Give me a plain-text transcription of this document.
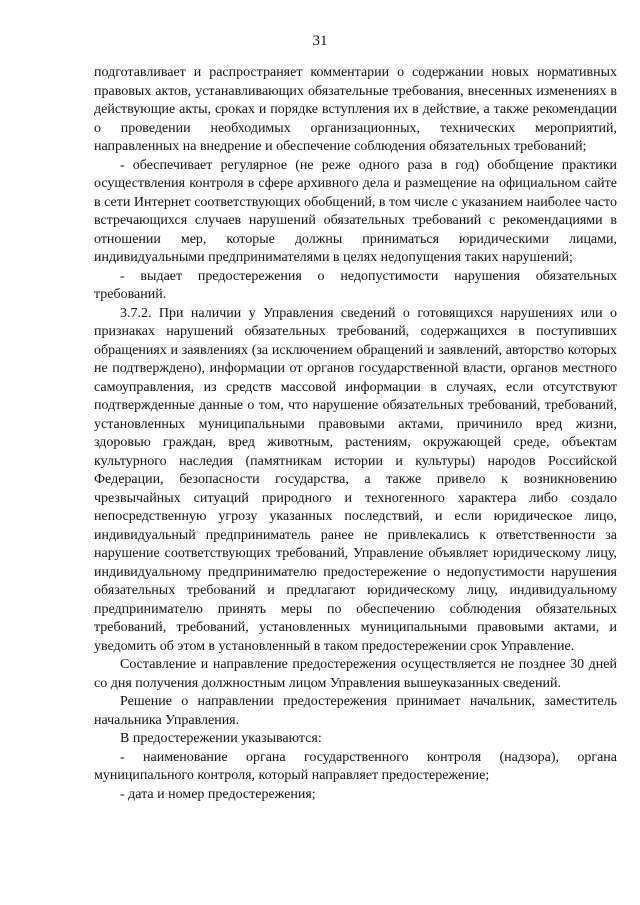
31

подготавливает и распространяет комментарии о содержании новых нормативных правовых актов, устанавливающих обязательные требования, внесенных изменениях в действующие акты, сроках и порядке вступления их в действие, а также рекомендации о проведении необходимых организационных, технических мероприятий, направленных на внедрение и обеспечение соблюдения обязательных требований;

- обеспечивает регулярное (не реже одного раза в год) обобщение практики осуществления контроля в сфере архивного дела и размещение на официальном сайте в сети Интернет соответствующих обобщений, в том числе с указанием наиболее часто встречающихся случаев нарушений обязательных требований с рекомендациями в отношении мер, которые должны приниматься юридическими лицами, индивидуальными предпринимателями в целях недопущения таких нарушений;

- выдает предостережения о недопустимости нарушения обязательных требований.

3.7.2. При наличии у Управления сведений о готовящихся нарушениях или о признаках нарушений обязательных требований, содержащихся в поступивших обращениях и заявлениях (за исключением обращений и заявлений, авторство которых не подтверждено), информации от органов государственной власти, органов местного самоуправления, из средств массовой информации в случаях, если отсутствуют подтвержденные данные о том, что нарушение обязательных требований, требований, установленных муниципальными правовыми актами, причинило вред жизни, здоровью граждан, вред животным, растениям, окружающей среде, объектам культурного наследия (памятникам истории и культуры) народов Российской Федерации, безопасности государства, а также привело к возникновению чрезвычайных ситуаций природного и техногенного характера либо создало непосредственную угрозу указанных последствий, и если юридическое лицо, индивидуальный предприниматель ранее не привлекались к ответственности за нарушение соответствующих требований, Управление объявляет юридическому лицу, индивидуальному предпринимателю предостережение о недопустимости нарушения обязательных требований и предлагают юридическому лицу, индивидуальному предпринимателю принять меры по обеспечению соблюдения обязательных требований, требований, установленных муниципальными правовыми актами, и уведомить об этом в установленный в таком предостережении срок Управление.

Составление и направление предостережения осуществляется не позднее 30 дней со дня получения должностным лицом Управления вышеуказанных сведений.

Решение о направлении предостережения принимает начальник, заместитель начальника Управления.

В предостережении указываются:

- наименование органа государственного контроля (надзора), органа муниципального контроля, который направляет предостережение;

- дата и номер предостережения;
